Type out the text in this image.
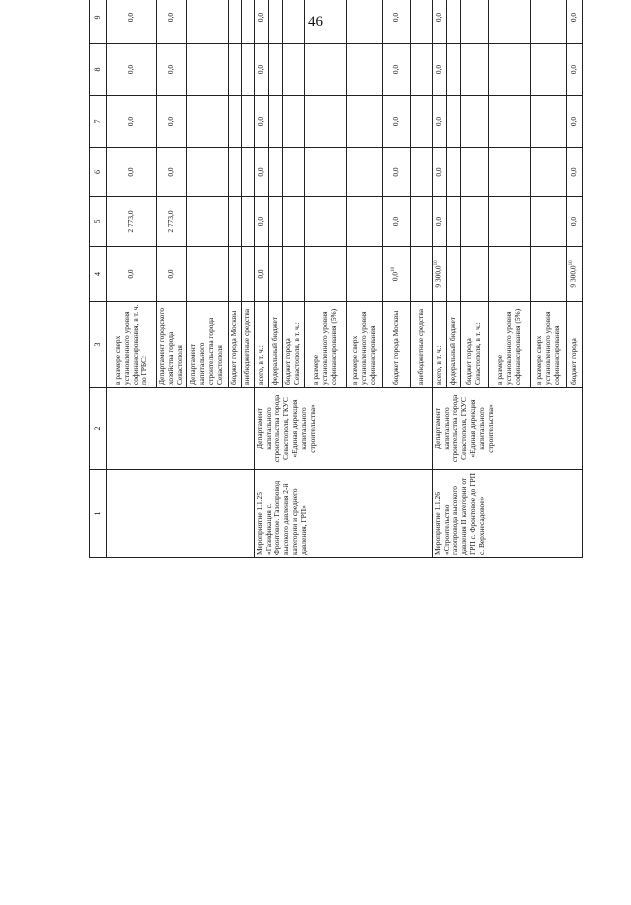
46
1	2	3	4	5	6	7	8	9				
		в размере сверх установленного уровня софинансирования, в т. ч. по ГРБС:	0,0	2 773,0	0,0	0,0	0,0	0,0				
		Департамент городского хозяйства города Севастополя	0,0	2 773,0	0,0	0,0	0,0	0,0				
		Департамент капитального строительства города Севастополя										
		бюджет города Москвы										
		внебюджетные средства										
Мероприятие 1.1.25 «Газификация с. Фронтовое. Газопровод высокого давления 2-й категории и среднего давления, ГРП»	Департамент капитального строительства города Севастополя, ГКУС «Единая дирекция капитального строительства»	всего, в т. ч.:	0,0	0,0	0,0	0,0	0,0	0,0				
		федеральный бюджет										
		бюджет города Севастополя, в т. ч.:										
		в размере установленного уровня софинансирования (5%)										
		в размере сверх установленного уровня софинансирования										
		бюджет города Москвы	$0,0^{10}$	0,0	0,0	0,0	0,0	0,0				
		внебюджетные средства										
Мероприятие 1.1.26 «Строительство газопровода высокого давления II категории от ГРП с. Фронтовое до ГРП с. Верхнесадовое»	Департамент капитального строительства города Севастополя, ГКУС «Единая дирекция капитального строительства»	всего, в т. ч.:	9 300,0$^{10}$	0,0	0,0	0,0	0,0	0,0				
		федеральный бюджет										
		бюджет города Севастополя, в т. ч.:										
		в размере установленного уровня софинансирования (5%)										
		в размере сверх установленного уровня софинансирования										
		бюджет города	9 300,0$^{10}$	0,0	0,0	0,0	0,0	0,0				
